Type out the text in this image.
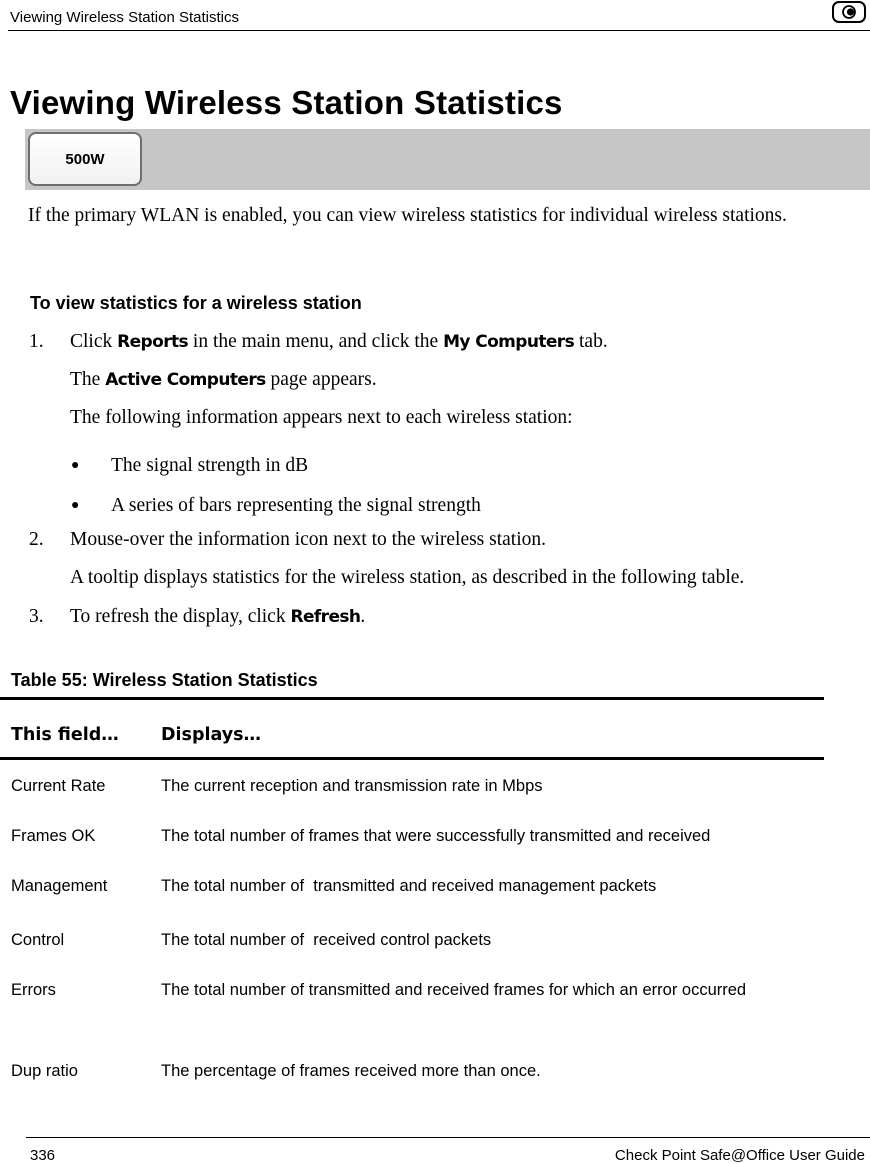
Viewing Wireless Station Statistics
Viewing Wireless Station Statistics
500W
If the primary WLAN is enabled, you can view wireless statistics for individual wireless stations.
To view statistics for a wireless station
1. Click Reports in the main menu, and click the My Computers tab.
The Active Computers page appears.
The following information appears next to each wireless station:
● The signal strength in dB
● A series of bars representing the signal strength
2. Mouse-over the information icon next to the wireless station.
A tooltip displays statistics for the wireless station, as described in the following table.
3. To refresh the display, click Refresh.
Table 55: Wireless Station Statistics
This field… Displays…
Current Rate	The current reception and transmission rate in Mbps
Frames OK	The total number of frames that were successfully transmitted and received
Management	The total number of  transmitted and received management packets
Control	The total number of  received control packets
Errors	The total number of transmitted and received frames for which an error occurred
Dup ratio	The percentage of frames received more than once.
336	Check Point Safe@Office User Guide
